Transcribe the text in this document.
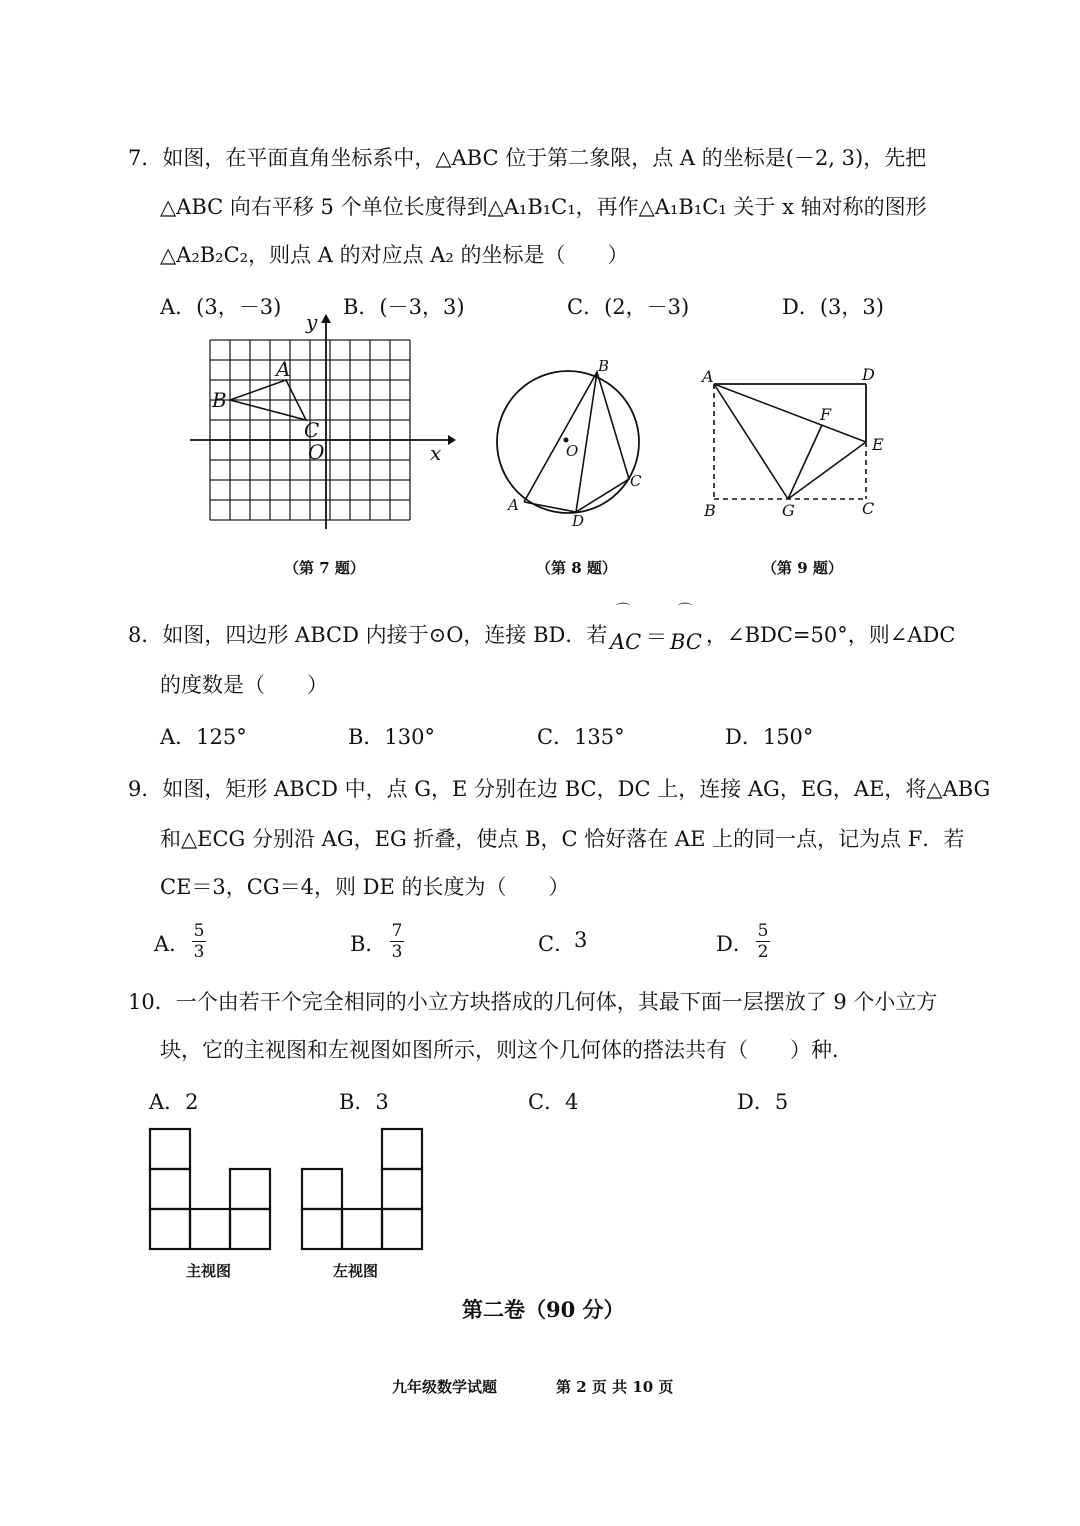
7．如图，在平面直角坐标系中，△ABC 位于第二象限，点 A 的坐标是(－2, 3)，先把
△ABC 向右平移 5 个单位长度得到△A₁B₁C₁，再作△A₁B₁C₁ 关于 x 轴对称的图形
△A₂B₂C₂，则点 A 的对应点 A₂ 的坐标是（　　）
A．(3，－3)	B．(－3，3)	C．(2，－3)	D．(3，3)
y
x
A
B
C
O
（第 7 题）
B
O
A
C
D
（第 8 题）
A	D
F
E
B	G	C
（第 9 题）
8．如图，四边形 ABCD 内接于⊙O，连接 BD．若
⌒
AC ＝
⌒
BC ，∠BDC=50°，则∠ADC
的度数是（　　）
A．125°	B．130°	C．135°	D．150°
9．如图，矩形 ABCD 中，点 G，E 分别在边 BC，DC 上，连接 AG，EG，AE，将△ABG
和△ECG 分别沿 AG，EG 折叠，使点 B，C 恰好落在 AE 上的同一点，记为点 F．若
CE＝3，CG＝4，则 DE 的长度为（　　）
A．
5
3	B．
7
3	C．
3	D．
5
2
10．一个由若干个完全相同的小立方块搭成的几何体，其最下面一层摆放了 9 个小立方
块，它的主视图和左视图如图所示，则这个几何体的搭法共有（　　）种．
A．2	B．3	C．4	D．5
主视图	左视图
第二卷（90 分）
九年级数学试题	第 2 页 共 10 页
